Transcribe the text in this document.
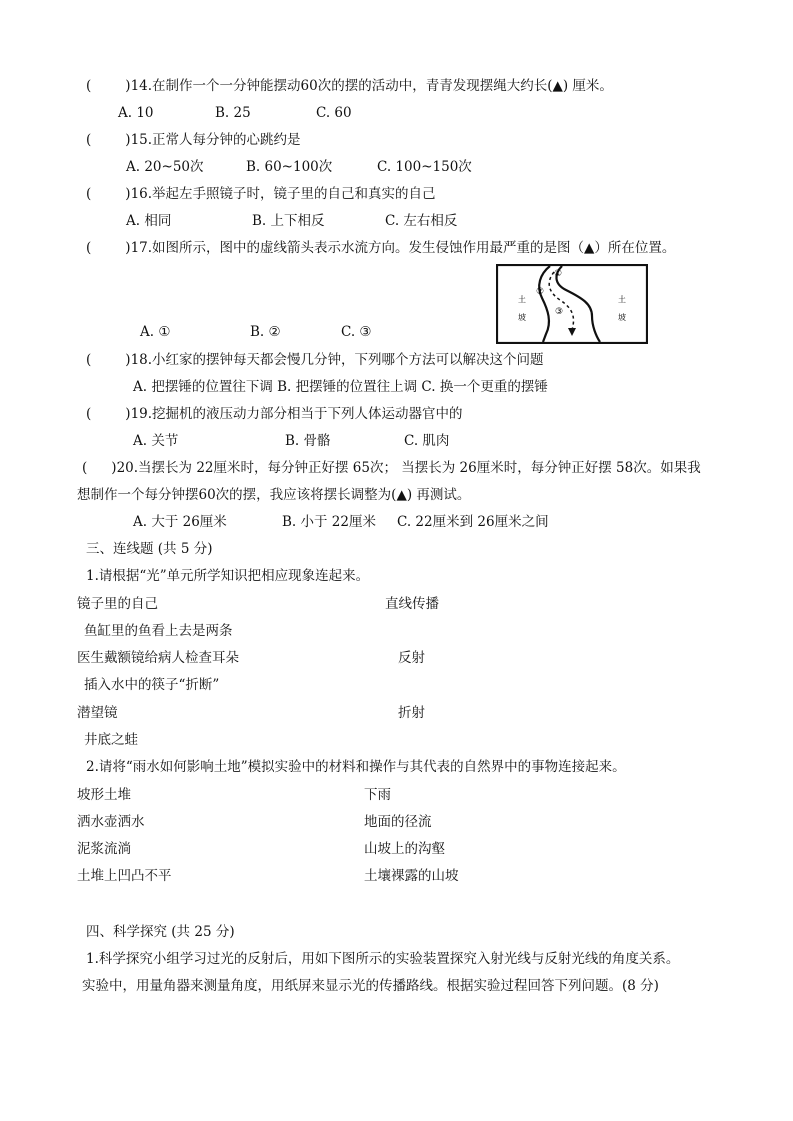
(	)14.在制作一个一分钟能摆动60次的摆的活动中，青青发现摆绳大约长(▲) 厘米。
A. 10	B. 25	C. 60
(	)15.正常人每分钟的心跳约是
A. 20~50次	B. 60~100次	C. 100~150次
(	)16.举起左手照镜子时，镜子里的自己和真实的自己
A. 相同	B. 上下相反	C. 左右相反
(	)17.如图所示，图中的虚线箭头表示水流方向。发生侵蚀作用最严重的是图（▲）所在位置。
A. ①	B. ②	C. ③
土
坡
土
坡
①
②
③
(	)18.小红家的摆钟每天都会慢几分钟，下列哪个方法可以解决这个问题
A. 把摆锤的位置往下调 B. 把摆锤的位置往上调 C. 换一个更重的摆锤
(	)19.挖掘机的液压动力部分相当于下列人体运动器官中的
A. 关节	B. 骨骼	C. 肌肉
( )20.当摆长为 22厘米时，每分钟正好摆 65次； 当摆长为 26厘米时，每分钟正好摆 58次。如果我
想制作一个每分钟摆60次的摆，我应该将摆长调整为(▲) 再测试。
A. 大于 26厘米	B. 小于 22厘米 C. 22厘米到 26厘米之间
三、连线题 (共 5 分)
1.请根据“光”单元所学知识把相应现象连起来。
镜子里的自己	直线传播
鱼缸里的鱼看上去是两条
医生戴额镜给病人检查耳朵	反射
插入水中的筷子“折断”
潜望镜	折射
井底之蛙
2.请将“雨水如何影响土地”模拟实验中的材料和操作与其代表的自然界中的事物连接起来。
坡形土堆	下雨
洒水壶洒水	地面的径流
泥浆流淌	山坡上的沟壑
土堆上凹凸不平	土壤裸露的山坡
四、科学探究 (共 25 分)
1.科学探究小组学习过光的反射后，用如下图所示的实验装置探究入射光线与反射光线的角度关系。
实验中，用量角器来测量角度，用纸屏来显示光的传播路线。根据实验过程回答下列问题。(8 分)
